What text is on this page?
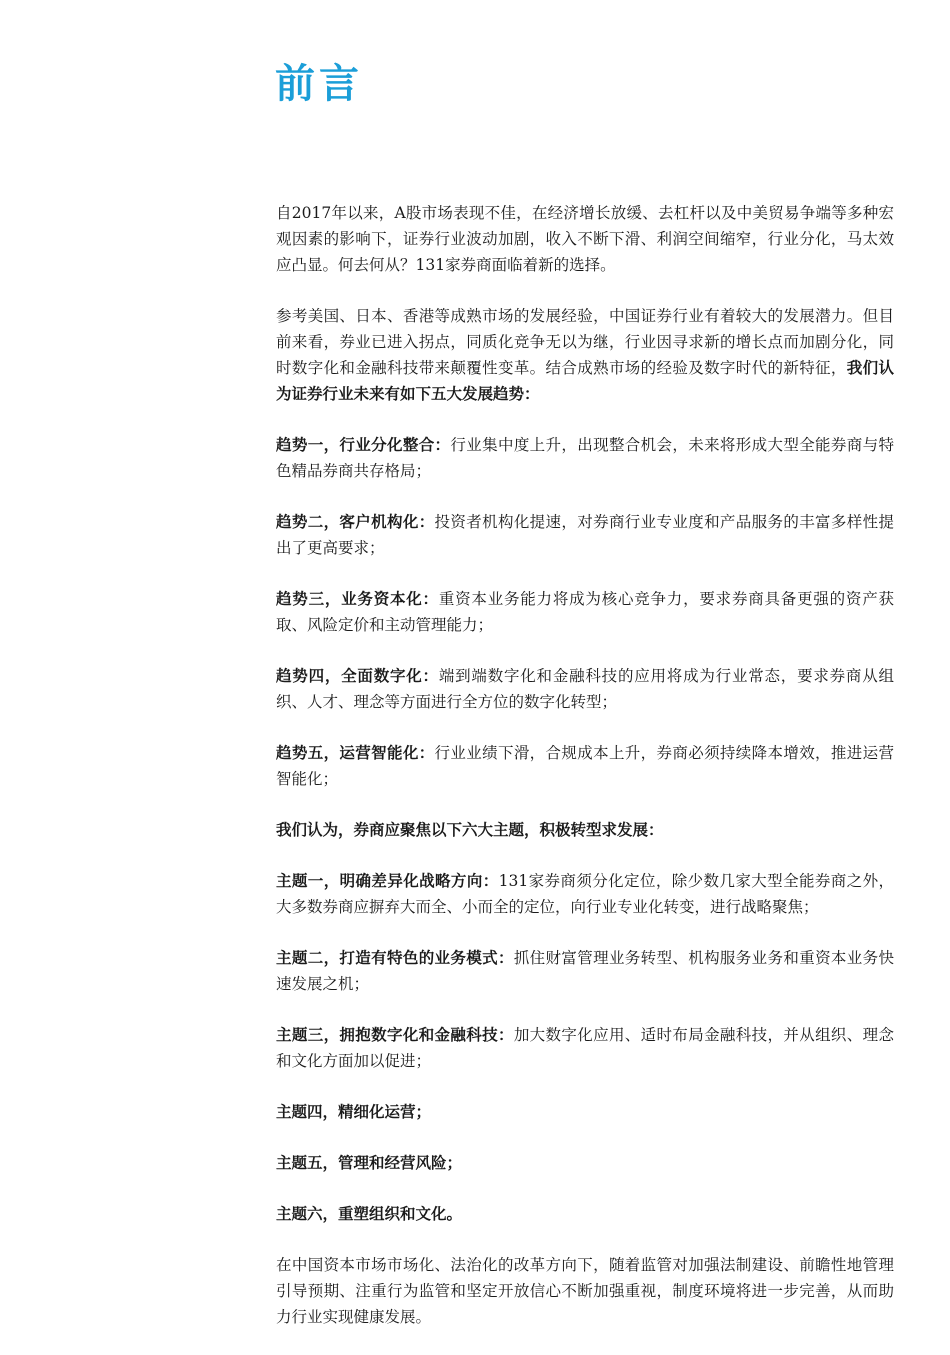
前言

自2017年以来，A股市场表现不佳，在经济增长放缓、去杠杆以及中美贸易争端等多种宏观因素的影响下，证券行业波动加剧，收入不断下滑、利润空间缩窄，行业分化，马太效应凸显。何去何从？131家券商面临着新的选择。

参考美国、日本、香港等成熟市场的发展经验，中国证券行业有着较大的发展潜力。但目前来看，券业已进入拐点，同质化竞争无以为继，行业因寻求新的增长点而加剧分化，同时数字化和金融科技带来颠覆性变革。结合成熟市场的经验及数字时代的新特征，我们认为证券行业未来有如下五大发展趋势：

趋势一，行业分化整合：行业集中度上升，出现整合机会，未来将形成大型全能券商与特色精品券商共存格局；

趋势二，客户机构化：投资者机构化提速，对券商行业专业度和产品服务的丰富多样性提出了更高要求；

趋势三，业务资本化：重资本业务能力将成为核心竞争力，要求券商具备更强的资产获取、风险定价和主动管理能力；

趋势四，全面数字化：端到端数字化和金融科技的应用将成为行业常态，要求券商从组织、人才、理念等方面进行全方位的数字化转型；

趋势五，运营智能化：行业业绩下滑，合规成本上升，券商必须持续降本增效，推进运营智能化；

我们认为，券商应聚焦以下六大主题，积极转型求发展：

主题一，明确差异化战略方向：131家券商须分化定位，除少数几家大型全能券商之外，大多数券商应摒弃大而全、小而全的定位，向行业专业化转变，进行战略聚焦；

主题二，打造有特色的业务模式：抓住财富管理业务转型、机构服务业务和重资本业务快速发展之机；

主题三，拥抱数字化和金融科技：加大数字化应用、适时布局金融科技，并从组织、理念和文化方面加以促进；

主题四，精细化运营；

主题五，管理和经营风险；

主题六，重塑组织和文化。

在中国资本市场市场化、法治化的改革方向下，随着监管对加强法制建设、前瞻性地管理引导预期、注重行为监管和坚定开放信心不断加强重视，制度环境将进一步完善，从而助力行业实现健康发展。
